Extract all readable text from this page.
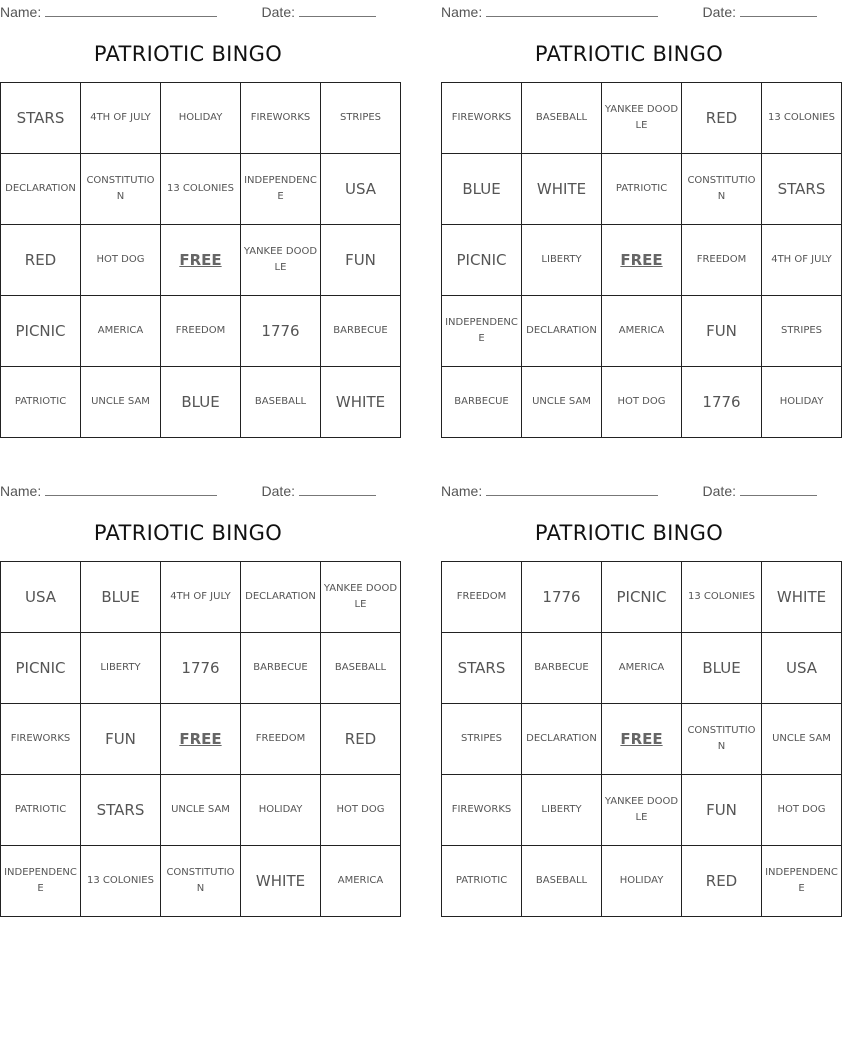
Name:	Date:
PATRIOTIC BINGO
STARS	4TH OF JULY	HOLIDAY	FIREWORKS	STRIPES
DECLARATION	CONSTITUTION	13 COLONIES	INDEPENDENCE	USA
RED	HOT DOG	FREE	YANKEE DOODLE	FUN
PICNIC	AMERICA	FREEDOM	1776	BARBECUE
PATRIOTIC	UNCLE SAM	BLUE	BASEBALL	WHITE
Name:	Date:
PATRIOTIC BINGO
FIREWORKS	BASEBALL	YANKEE DOODLE	RED	13 COLONIES
BLUE	WHITE	PATRIOTIC	CONSTITUTION	STARS
PICNIC	LIBERTY	FREE	FREEDOM	4TH OF JULY
INDEPENDENCE	DECLARATION	AMERICA	FUN	STRIPES
BARBECUE	UNCLE SAM	HOT DOG	1776	HOLIDAY
Name:	Date:
PATRIOTIC BINGO
USA	BLUE	4TH OF JULY	DECLARATION	YANKEE DOODLE
PICNIC	LIBERTY	1776	BARBECUE	BASEBALL
FIREWORKS	FUN	FREE	FREEDOM	RED
PATRIOTIC	STARS	UNCLE SAM	HOLIDAY	HOT DOG
INDEPENDENCE	13 COLONIES	CONSTITUTION	WHITE	AMERICA
Name:	Date:
PATRIOTIC BINGO
FREEDOM	1776	PICNIC	13 COLONIES	WHITE
STARS	BARBECUE	AMERICA	BLUE	USA
STRIPES	DECLARATION	FREE	CONSTITUTION	UNCLE SAM
FIREWORKS	LIBERTY	YANKEE DOODLE	FUN	HOT DOG
PATRIOTIC	BASEBALL	HOLIDAY	RED	INDEPENDENCE
